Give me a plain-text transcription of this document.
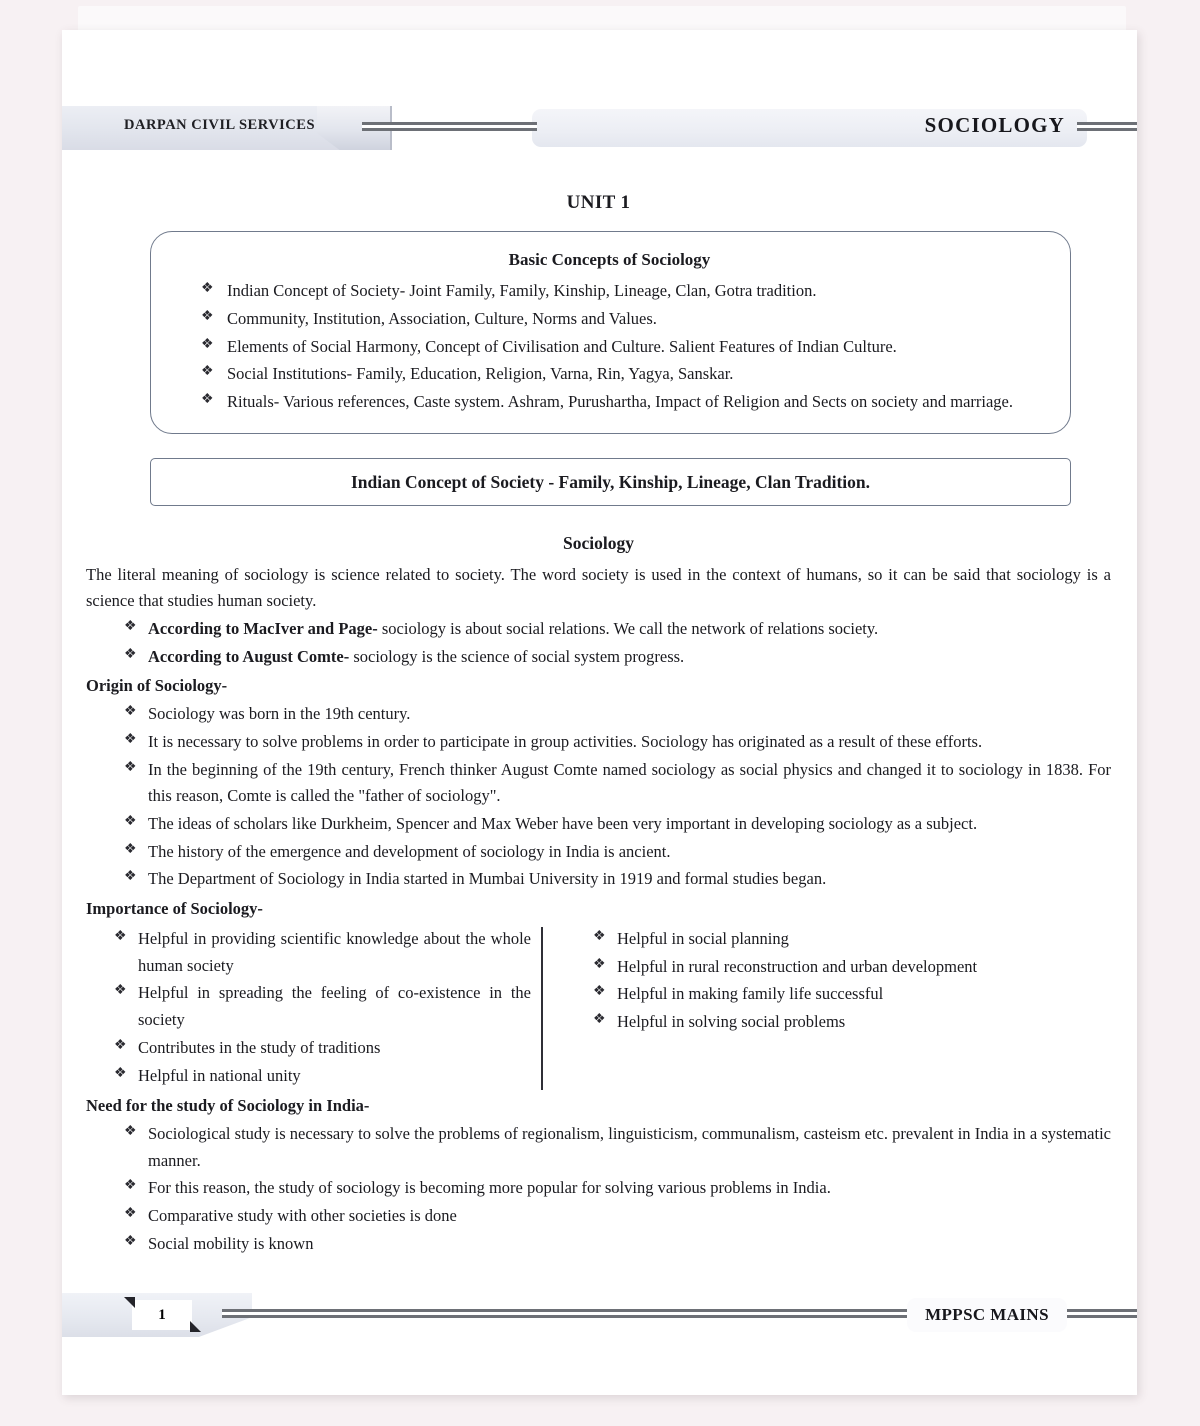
DARPAN CIVIL SERVICES	SOCIOLOGY
UNIT 1
Basic Concepts of Sociology
❖ Indian Concept of Society- Joint Family, Family, Kinship, Lineage, Clan, Gotra tradition.
❖ Community, Institution, Association, Culture, Norms and Values.
❖ Elements of Social Harmony, Concept of Civilisation and Culture. Salient Features of Indian Culture.
❖ Social Institutions- Family, Education, Religion, Varna, Rin, Yagya, Sanskar.
❖ Rituals- Various references, Caste system. Ashram, Purushartha, Impact of Religion and Sects on society and marriage.
Indian Concept of Society - Family, Kinship, Lineage, Clan Tradition.
Sociology
The literal meaning of sociology is science related to society. The word society is used in the context of humans, so it can be said that sociology is a science that studies human society.
❖ According to MacIver and Page- sociology is about social relations. We call the network of relations society.
❖ According to August Comte- sociology is the science of social system progress.
Origin of Sociology-
❖ Sociology was born in the 19th century.
❖ It is necessary to solve problems in order to participate in group activities. Sociology has originated as a result of these efforts.
❖ In the beginning of the 19th century, French thinker August Comte named sociology as social physics and changed it to sociology in 1838. For this reason, Comte is called the "father of sociology".
❖ The ideas of scholars like Durkheim, Spencer and Max Weber have been very important in developing sociology as a subject.
❖ The history of the emergence and development of sociology in India is ancient.
❖ The Department of Sociology in India started in Mumbai University in 1919 and formal studies began.
Importance of Sociology-
❖ Helpful in providing scientific knowledge about the whole human society
❖ Helpful in spreading the feeling of co-existence in the society
❖ Contributes in the study of traditions
❖ Helpful in national unity
❖ Helpful in social planning
❖ Helpful in rural reconstruction and urban development
❖ Helpful in making family life successful
❖ Helpful in solving social problems
Need for the study of Sociology in India-
❖ Sociological study is necessary to solve the problems of regionalism, linguisticism, communalism, casteism etc. prevalent in India in a systematic manner.
❖ For this reason, the study of sociology is becoming more popular for solving various problems in India.
❖ Comparative study with other societies is done
❖ Social mobility is known
1	MPPSC MAINS
